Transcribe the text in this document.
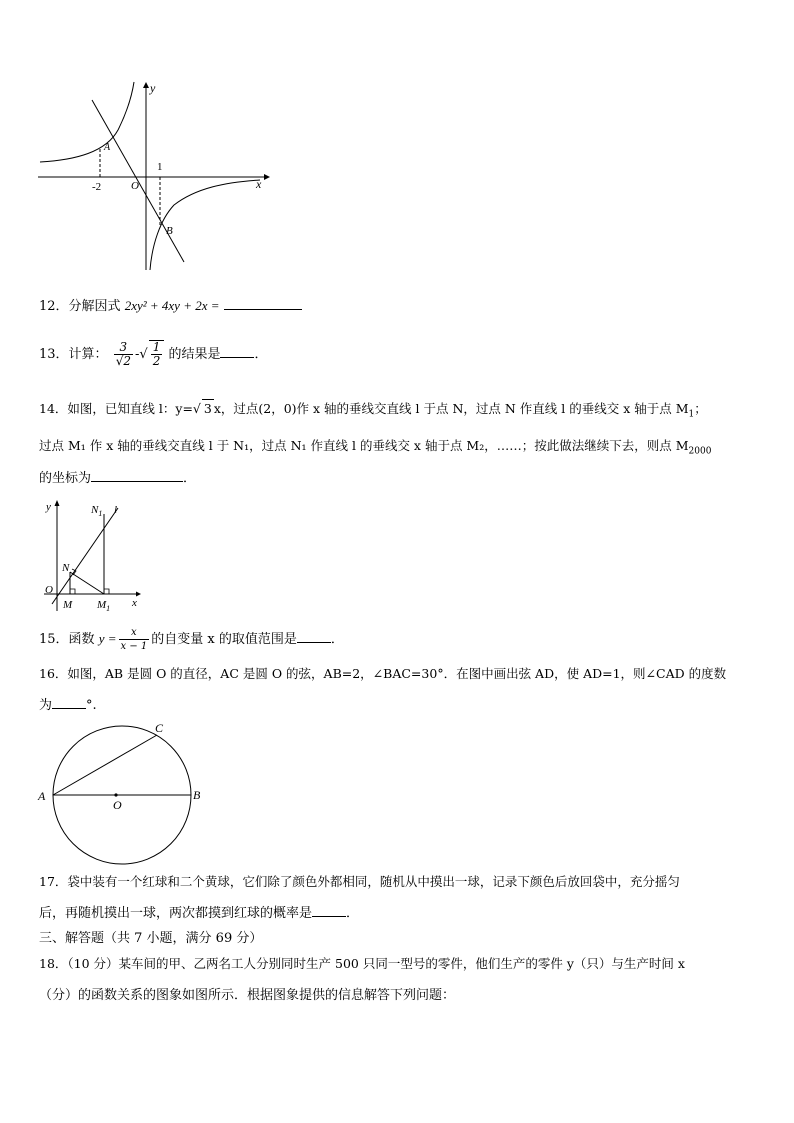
y
x
A
B
O
-2
1
12．分解因式 2xy² + 4xy + 2x =
13．计算： $\frac{3}{√2}$ -√ $\frac{1}{2}$ 的结果是	．
14．如图，已知直线 l：y=√ 3 x，过点(2，0)作 x 轴的垂线交直线 l 于点 N，过点 N 作直线 l 的垂线交 x 轴于点 $M_1$；
过点 M₁ 作 x 轴的垂线交直线 l 于 N₁，过点 N₁ 作直线 l 的垂线交 x 轴于点 M₂，……；按此做法继续下去，则点 $M_{2000}$
的坐标为	．
y	l
$N_1$
N
O
M $M_1$ x
15．函数 $y = \frac{x}{x - 1}$ 的自变量 x 的取值范围是	．
16．如图，AB 是圆 O 的直径，AC 是圆 O 的弦，AB=2，∠BAC=30°．在图中画出弦 AD，使 AD=1，则∠CAD 的度数
为	°.
A	B
C
O
17．袋中装有一个红球和二个黄球，它们除了颜色外都相同，随机从中摸出一球，记录下颜色后放回袋中，充分摇匀
后，再随机摸出一球，两次都摸到红球的概率是	．
三、解答题（共 7 小题，满分 69 分）
18．（10 分）某车间的甲、乙两名工人分别同时生产 500 只同一型号的零件，他们生产的零件 y（只）与生产时间 x
（分）的函数关系的图象如图所示．根据图象提供的信息解答下列问题：
